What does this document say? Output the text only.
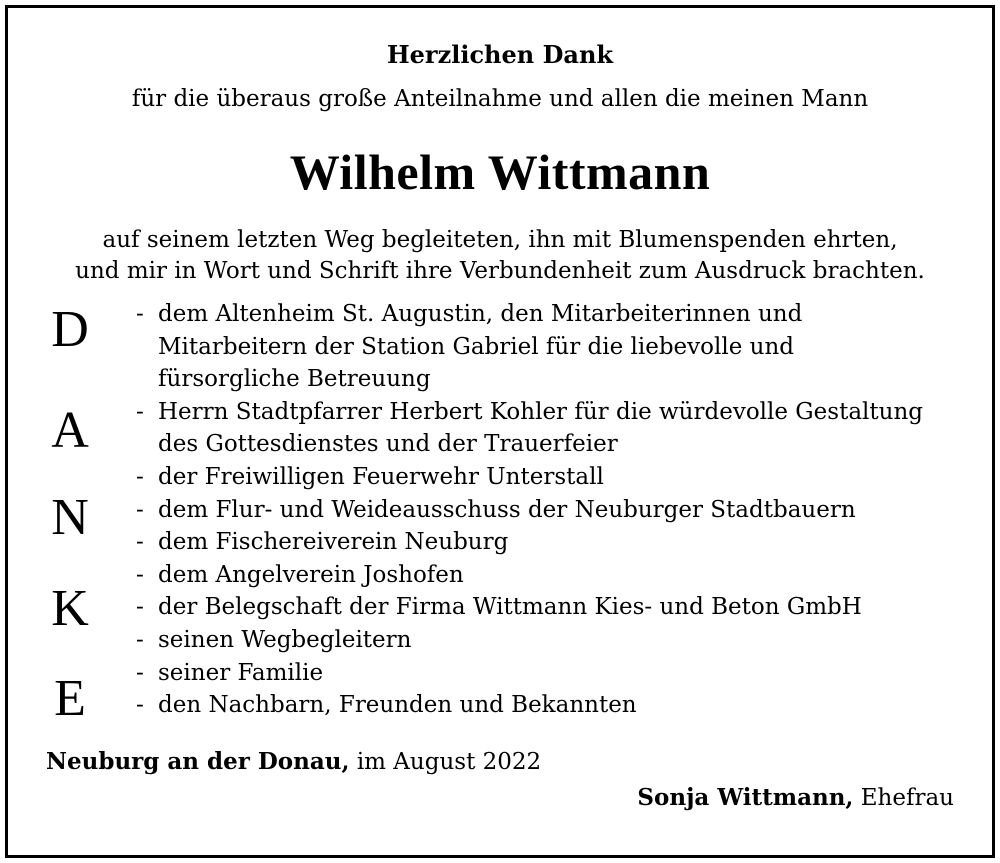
Herzlichen Dank
für die überaus große Anteilnahme und allen die meinen Mann
Wilhelm Wittmann
auf seinem letzten Weg begleiteten, ihn mit Blumenspenden ehrten,
und mir in Wort und Schrift ihre Verbundenheit zum Ausdruck brachten.
D
A
N
K
E
- dem Altenheim St. Augustin, den Mitarbeiterinnen und
Mitarbeitern der Station Gabriel für die liebevolle und
fürsorgliche Betreuung
- Herrn Stadtpfarrer Herbert Kohler für die würdevolle Gestaltung
des Gottesdienstes und der Trauerfeier
- der Freiwilligen Feuerwehr Unterstall
- dem Flur- und Weideausschuss der Neuburger Stadtbauern
- dem Fischereiverein Neuburg
- dem Angelverein Joshofen
- der Belegschaft der Firma Wittmann Kies- und Beton GmbH
- seinen Wegbegleitern
- seiner Familie
- den Nachbarn, Freunden und Bekannten
Neuburg an der Donau, im August 2022
Sonja Wittmann, Ehefrau
